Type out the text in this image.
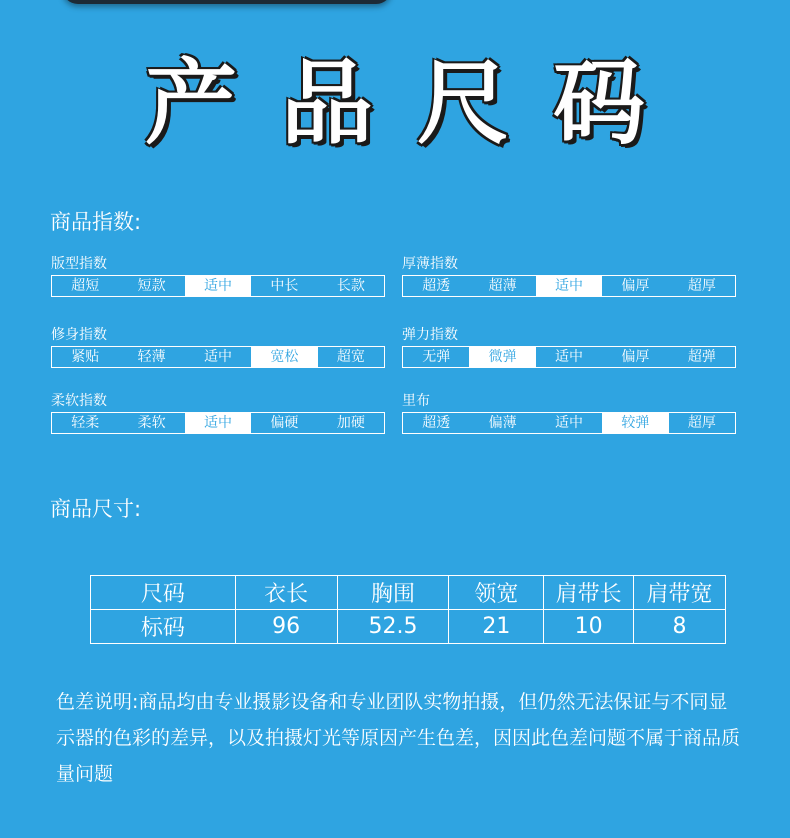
产品尺码
商品指数:
版型指数
超短	短款	适中	中长	长款
厚薄指数
超透	超薄	适中	偏厚	超厚
修身指数
紧贴	轻薄	适中	宽松	超宽
弹力指数
无弹	微弹	适中	偏厚	超弹
柔软指数
轻柔	柔软	适中	偏硬	加硬
里布
超透	偏薄	适中	较弹	超厚
商品尺寸:
尺码	衣长	胸围	领宽	肩带长	肩带宽
标码	96	52.5	21	10	8
色差说明:商品均由专业摄影设备和专业团队实物拍摄，但仍然无法保证与不同显示器的色彩的差异，以及拍摄灯光等原因产生色差，因因此色差问题不属于商品质量问题
